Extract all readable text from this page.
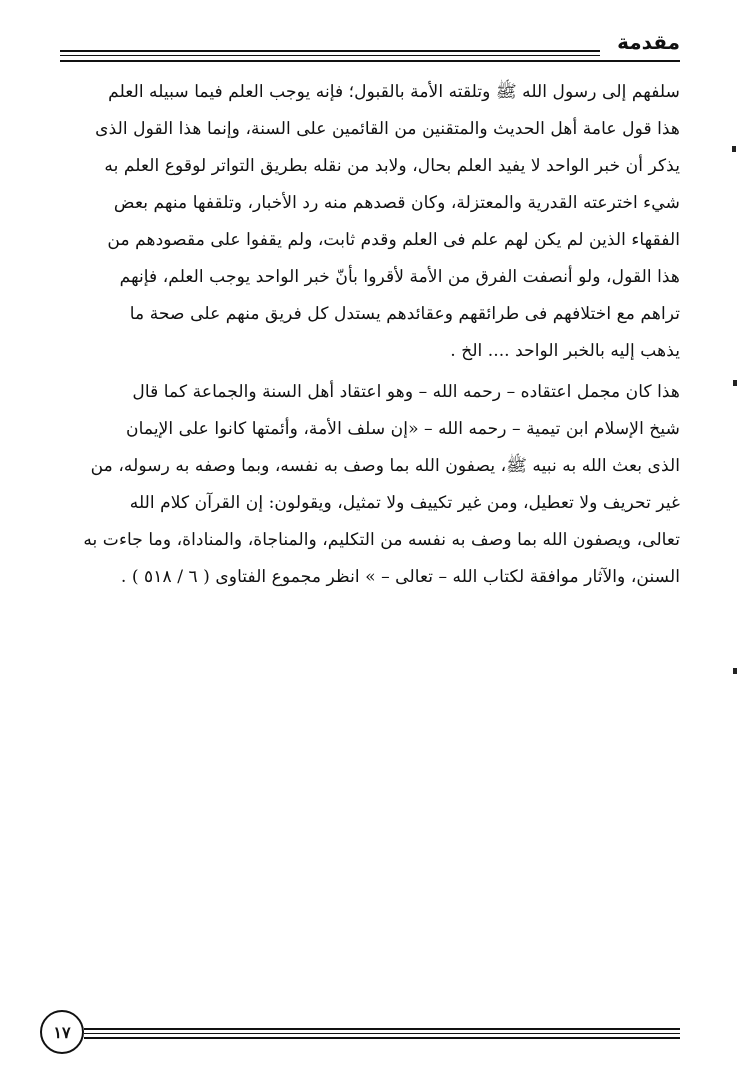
مقدمة

سلفهم إلى رسول الله ﷺ وتلقته الأمة بالقبول؛ فإنه يوجب العلم فيما سبيله العلم
هذا قول عامة أهل الحديث والمتقنين من القائمين على السنة، وإنما هذا القول الذى
يذكر أن خبر الواحد لا يفيد العلم بحال، ولابد من نقله بطريق التواتر لوقوع العلم به
شيء اخترعته القدرية والمعتزلة، وكان قصدهم منه رد الأخبار، وتلقفها منهم بعض
الفقهاء الذين لم يكن لهم علم فى العلم وقدم ثابت، ولم يقفوا على مقصودهم من
هذا القول، ولو أنصفت الفرق من الأمة لأقروا بأنّ خبر الواحد يوجب العلم، فإنهم
تراهم مع اختلافهم فى طرائقهم وعقائدهم يستدل كل فريق منهم على صحة ما
يذهب إليه بالخبر الواحد .... الخ .

هذا كان مجمل اعتقاده – رحمه الله – وهو اعتقاد أهل السنة والجماعة كما قال
شيخ الإسلام ابن تيمية – رحمه الله – «إن سلف الأمة، وأئمتها كانوا على الإيمان
الذى بعث الله به نبيه ﷺ، يصفون الله بما وصف به نفسه، وبما وصفه به رسوله، من
غير تحريف ولا تعطيل، ومن غير تكييف ولا تمثيل، ويقولون: إن القرآن كلام الله
تعالى، ويصفون الله بما وصف به نفسه من التكليم، والمناجاة، والمناداة، وما جاءت به
السنن، والآثار موافقة لكتاب الله – تعالى – » انظر مجموع الفتاوى ( ٦ / ٥١٨ ) .

١٧
